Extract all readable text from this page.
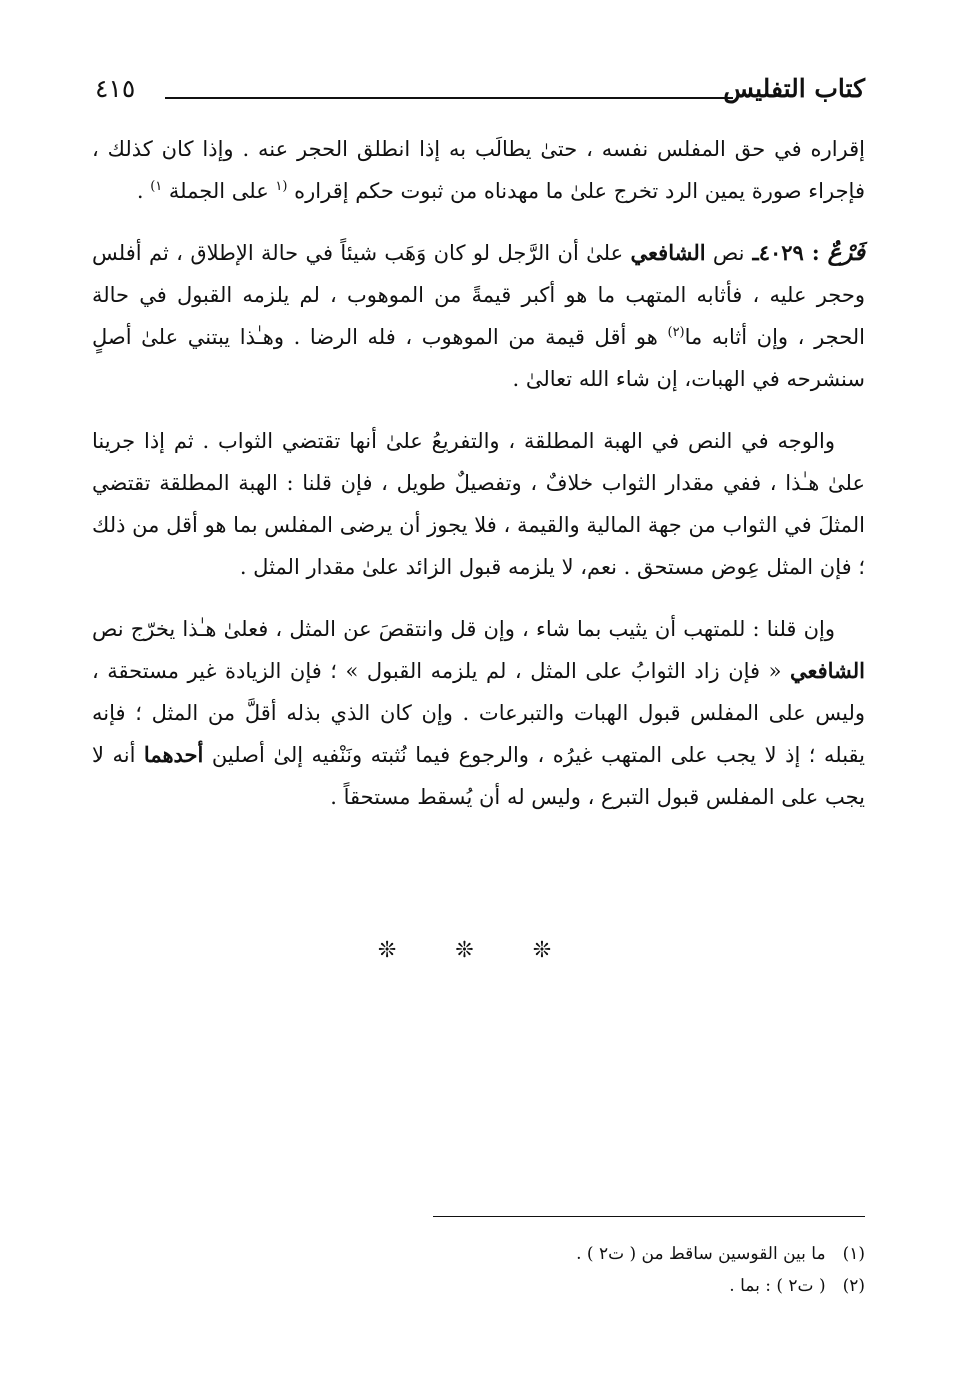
كتاب التفليس
٤١٥

إقراره في حق المفلس نفسه ، حتىٰ يطالَب به إذا انطلق الحجر عنه . وإذا كان كذلك ، فإجراء صورة يمين الرد تخرج علىٰ ما مهدناه من ثبوت حكم إقراره $^{(١}$ على الجملة $^{١)}$ .

فَرْعٌ : ٤٠٢٩ـ نص الشافعي علىٰ أن الرَّجل لو كان وَهَب شيئاً في حالة الإطلاق ، ثم أفلس وحجر عليه ، فأثابه المتهب ما هو أكبر قيمةً من الموهوب ، لم يلزمه القبول في حالة الحجر ، وإن أثابه ما$^{(٢)}$ هو أقل قيمة من الموهوب ، فله الرضا . وهـٰذا يبتني علىٰ أصلٍ سنشرحه في الهبات، إن شاء الله تعالىٰ .

والوجه في النص في الهبة المطلقة ، والتفريعُ علىٰ أنها تقتضي الثواب . ثم إذا جرينا علىٰ هـٰذا ، ففي مقدار الثواب خلافٌ ، وتفصيلٌ طويل ، فإن قلنا : الهبة المطلقة تقتضي المثلَ في الثواب من جهة المالية والقيمة ، فلا يجوز أن يرضى المفلس بما هو أقل من ذلك ؛ فإن المثل عِوض مستحق . نعم، لا يلزمه قبول الزائد علىٰ مقدار المثل .

وإن قلنا : للمتهب أن يثيب بما شاء ، وإن قل وانتقصَ عن المثل ، فعلىٰ هـٰذا يخرّج نص الشافعي « فإن زاد الثوابُ على المثل ، لم يلزمه القبول » ؛ فإن الزيادة غير مستحقة ، وليس على المفلس قبول الهبات والتبرعات . وإن كان الذي بذله أقلَّ من المثل ؛ فإنه يقبله ؛ إذ لا يجب على المتهب غيرُه ، والرجوع فيما نُثبته ونَنْفيه إلىٰ أصلين أحدهما أنه لا يجب على المفلس قبول التبرع ، وليس له أن يُسقط مستحقاً .

❊ ❊ ❊

(١) ما بين القوسين ساقط من ( ت٢ ) .

(٢) ( ت٢ ) : بما .
